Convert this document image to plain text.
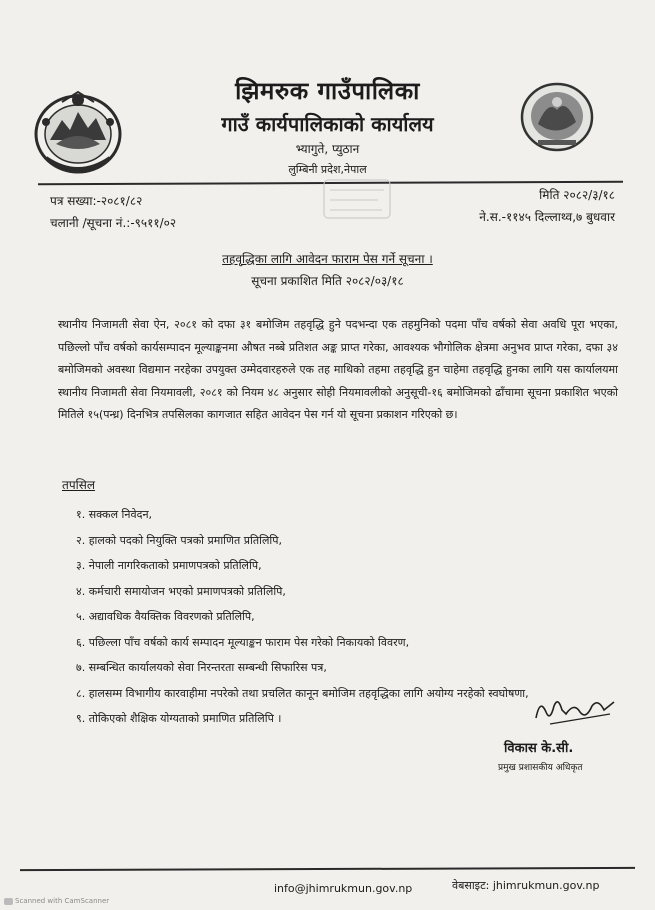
झिमरुक गाउँपालिका
गाउँ कार्यपालिकाको कार्यालय
भ्यागुते, प्युठान
लुम्बिनी प्रदेश,नेपाल
पत्र सख्या:-२०८१/८२
चलानी /सूचना नं.:-९५११/०२
मिति २०८२/३/१८
ने.स.-११४५ दिल्लाथ्व,७ बुधवार
तहवृद्धिका लागि आवेदन फाराम पेस गर्ने सूचना ।
सूचना प्रकाशित मिति २०८२/०३/१८
स्थानीय निजामती सेवा ऐन, २०८१ को दफा ३१ बमोजिम तहवृद्धि हुने पदभन्दा एक तहमुनिको पदमा पाँच वर्षको सेवा अवधि पूरा भएका, पछिल्लो पाँच वर्षको कार्यसम्पादन मूल्याङ्कनमा औषत नब्बे प्रतिशत अङ्क प्राप्त गरेका, आवश्यक भौगोलिक क्षेत्रमा अनुभव प्राप्त गरेका, दफा ३४ बमोजिमको अवस्था विद्यमान नरहेका उपयुक्त उम्मेदवारहरुले एक तह माथिको तहमा तहवृद्धि हुन चाहेमा तहवृद्धि हुनका लागि यस कार्यालयमा स्थानीय निजामती सेवा नियमावली, २०८१ को नियम ४८ अनुसार सोही नियमावलीको अनुसूची-१६ बमोजिमको ढाँचामा सूचना प्रकाशित भएको मितिले १५(पन्ध्र) दिनभित्र तपसिलका कागजात सहित आवेदन पेस गर्न यो सूचना प्रकाशन गरिएको छ।
तपसिल
१. सक्कल निवेदन,
२. हालको पदको नियुक्ति पत्रको प्रमाणित प्रतिलिपि,
३. नेपाली नागरिकताको प्रमाणपत्रको प्रतिलिपि,
४. कर्मचारी समायोजन भएको प्रमाणपत्रको प्रतिलिपि,
५. अद्यावधिक वैयक्तिक विवरणको प्रतिलिपि,
६. पछिल्ला पाँच वर्षको कार्य सम्पादन मूल्याङ्कन फाराम पेस गरेको निकायको विवरण,
७. सम्बन्धित कार्यालयको सेवा निरन्तरता सम्बन्धी सिफारिस पत्र,
८. हालसम्म विभागीय कारवाहीमा नपरेको तथा प्रचलित कानून बमोजिम तहवृद्धिका लागि अयोग्य नरहेको स्वघोषणा,
९. तोकिएको शैक्षिक योग्यताको प्रमाणित प्रतिलिपि ।
विकास के.सी.
प्रमुख प्रशासकीय अधिकृत
info@jhimrukmun.gov.np	वेबसाइट: jhimrukmun.gov.np
Scanned with CamScanner
